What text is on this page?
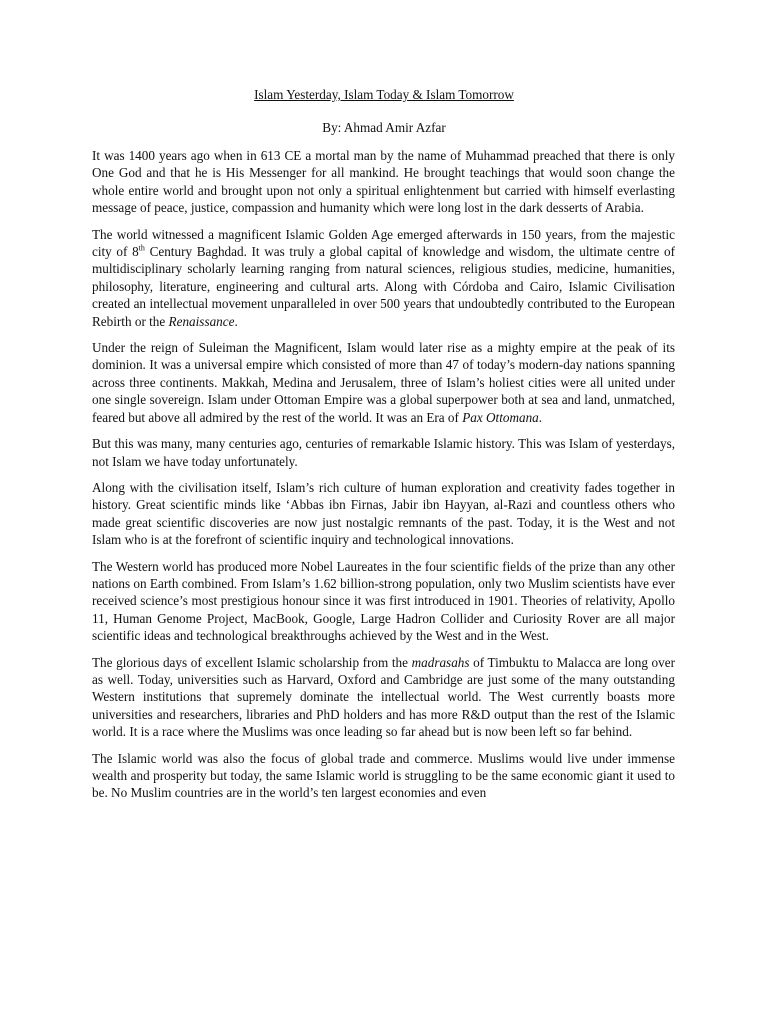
Islam Yesterday, Islam Today & Islam Tomorrow
By: Ahmad Amir Azfar

It was 1400 years ago when in 613 CE a mortal man by the name of Muhammad preached that there is only One God and that he is His Messenger for all mankind. He brought teachings that would soon change the whole entire world and brought upon not only a spiritual enlightenment but carried with himself everlasting message of peace, justice, compassion and humanity which were long lost in the dark desserts of Arabia.

The world witnessed a magnificent Islamic Golden Age emerged afterwards in 150 years, from the majestic city of 8th Century Baghdad. It was truly a global capital of knowledge and wisdom, the ultimate centre of multidisciplinary scholarly learning ranging from natural sciences, religious studies, medicine, humanities, philosophy, literature, engineering and cultural arts. Along with Córdoba and Cairo, Islamic Civilisation created an intellectual movement unparalleled in over 500 years that undoubtedly contributed to the European Rebirth or the Renaissance.

Under the reign of Suleiman the Magnificent, Islam would later rise as a mighty empire at the peak of its dominion. It was a universal empire which consisted of more than 47 of today’s modern-day nations spanning across three continents. Makkah, Medina and Jerusalem, three of Islam’s holiest cities were all united under one single sovereign. Islam under Ottoman Empire was a global superpower both at sea and land, unmatched, feared but above all admired by the rest of the world. It was an Era of Pax Ottomana.

But this was many, many centuries ago, centuries of remarkable Islamic history. This was Islam of yesterdays, not Islam we have today unfortunately.

Along with the civilisation itself, Islam’s rich culture of human exploration and creativity fades together in history. Great scientific minds like ‘Abbas ibn Firnas, Jabir ibn Hayyan, al-Razi and countless others who made great scientific discoveries are now just nostalgic remnants of the past. Today, it is the West and not Islam who is at the forefront of scientific inquiry and technological innovations.

The Western world has produced more Nobel Laureates in the four scientific fields of the prize than any other nations on Earth combined. From Islam’s 1.62 billion-strong population, only two Muslim scientists have ever received science’s most prestigious honour since it was first introduced in 1901. Theories of relativity, Apollo 11, Human Genome Project, MacBook, Google, Large Hadron Collider and Curiosity Rover are all major scientific ideas and technological breakthroughs achieved by the West and in the West.

The glorious days of excellent Islamic scholarship from the madrasahs of Timbuktu to Malacca are long over as well. Today, universities such as Harvard, Oxford and Cambridge are just some of the many outstanding Western institutions that supremely dominate the intellectual world. The West currently boasts more universities and researchers, libraries and PhD holders and has more R&D output than the rest of the Islamic world. It is a race where the Muslims was once leading so far ahead but is now been left so far behind.

The Islamic world was also the focus of global trade and commerce. Muslims would live under immense wealth and prosperity but today, the same Islamic world is struggling to be the same economic giant it used to be. No Muslim countries are in the world’s ten largest economies and even
